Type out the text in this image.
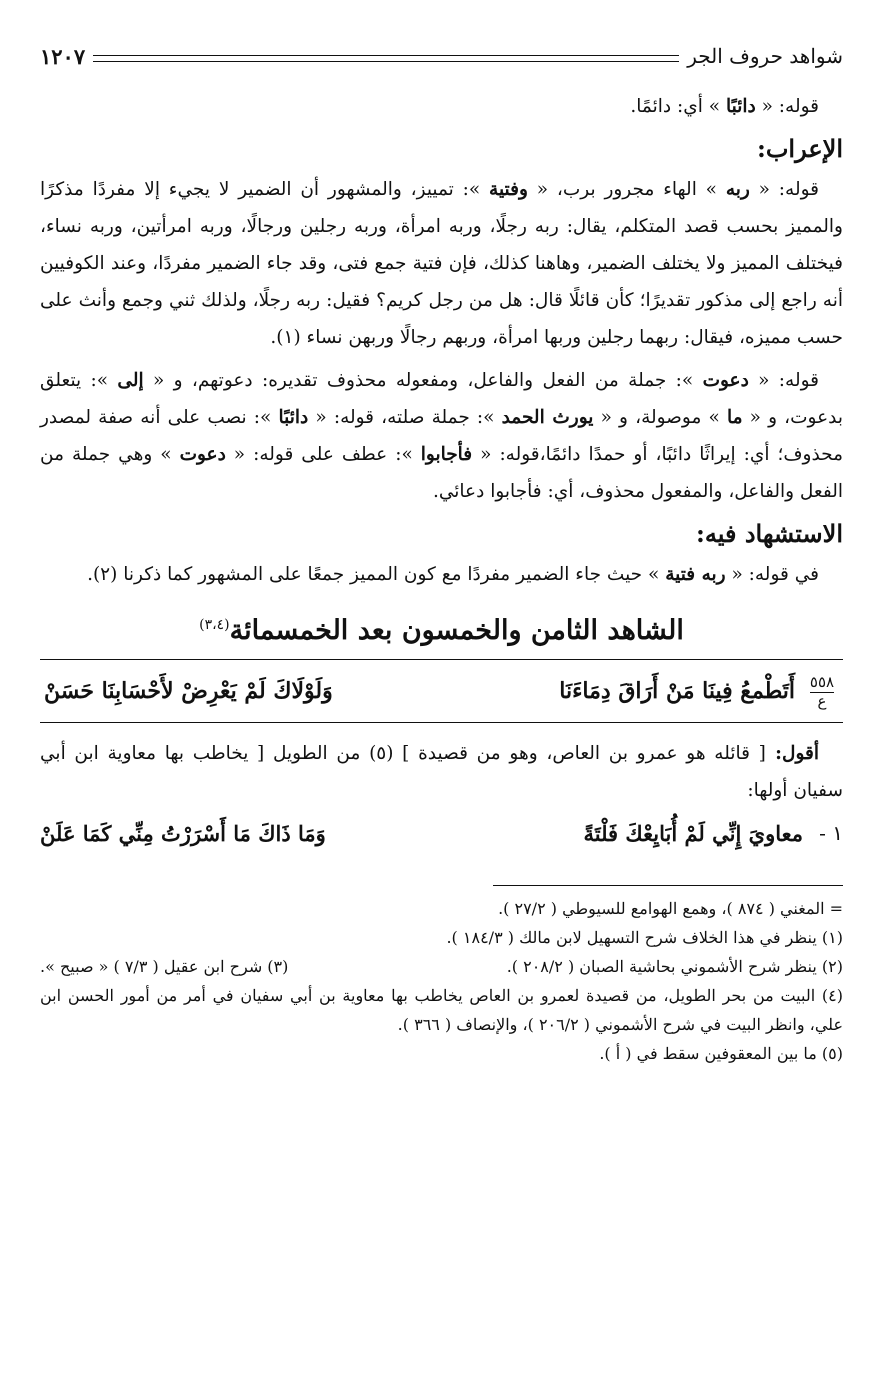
شواهد حروف الجر
١٢٠٧

قوله: « دائبًا » أي: دائمًا.

الإعراب:

قوله: « ربه » الهاء مجرور برب، « وفتية »: تمييز، والمشهور أن الضمير لا يجيء إلا مفردًا مذكرًا والمميز بحسب قصد المتكلم، يقال: ربه رجلًا، وربه امرأة، وربه رجلين ورجالًا، وربه امرأتين، وربه نساء، فيختلف المميز ولا يختلف الضمير، وهاهنا كذلك، فإن فتية جمع فتى، وقد جاء الضمير مفردًا، وعند الكوفيين أنه راجع إلى مذكور تقديرًا؛ كأن قائلًا قال: هل من رجل كريم؟ فقيل: ربه رجلًا، ولذلك ثني وجمع وأنث على حسب مميزه، فيقال: ربهما رجلين وربها امرأة، وربهم رجالًا وربهن نساء (١).

قوله: « دعوت »: جملة من الفعل والفاعل، ومفعوله محذوف تقديره: دعوتهم، و « إلى »: يتعلق بدعوت، و « ما » موصولة، و « يورث الحمد »: جملة صلته، قوله: « دائبًا »: نصب على أنه صفة لمصدر محذوف؛ أي: إيراثًا دائبًا، أو حمدًا دائمًا،قوله: « فأجابوا »: عطف على قوله: « دعوت » وهي جملة من الفعل والفاعل، والمفعول محذوف، أي: فأجابوا دعائي.

الاستشهاد فيه:

في قوله: « ربه فتية » حيث جاء الضمير مفردًا مع كون المميز جمعًا على المشهور كما ذكرنا (٢).

الشاهد الثامن والخمسون بعد الخمسمائة$^{(٣،٤)}$
٥٥٨
ع
أَتَطْمعُ فِينَا مَنْ أَرَاقَ دِمَاءَنَا
وَلَوْلَاكَ لَمْ يَعْرِضْ لأَحْسَابِنَا حَسَنْ

أقول: [ قائله هو عمرو بن العاص، وهو من قصيدة ] (٥) من الطويل [ يخاطب بها معاوية ابن أبي سفيان أولها:

١ -
معاويَ إِنِّي لَمْ أُبَايِعْكَ فَلْتَةً
وَمَا ذَاكَ مَا أَسْرَرْتُ مِنِّي كَمَا عَلَنْ

= المغني ( ٨٧٤ )، وهمع الهوامع للسيوطي ( ٢٧/٢ ).

(١) ينظر في هذا الخلاف شرح التسهيل لابن مالك ( ١٨٤/٣ ).

(٢) ينظر شرح الأشموني بحاشية الصبان ( ٢٠٨/٢ ).
(٣) شرح ابن عقيل ( ٧/٣ ) « صبيح ».

(٤) البيت من بحر الطويل، من قصيدة لعمرو بن العاص يخاطب بها معاوية بن أبي سفيان في أمر من أمور الحسن ابن علي، وانظر البيت في شرح الأشموني ( ٢٠٦/٢ )، والإنصاف ( ٣٦٦ ).

(٥) ما بين المعقوفين سقط في ( أ ).
